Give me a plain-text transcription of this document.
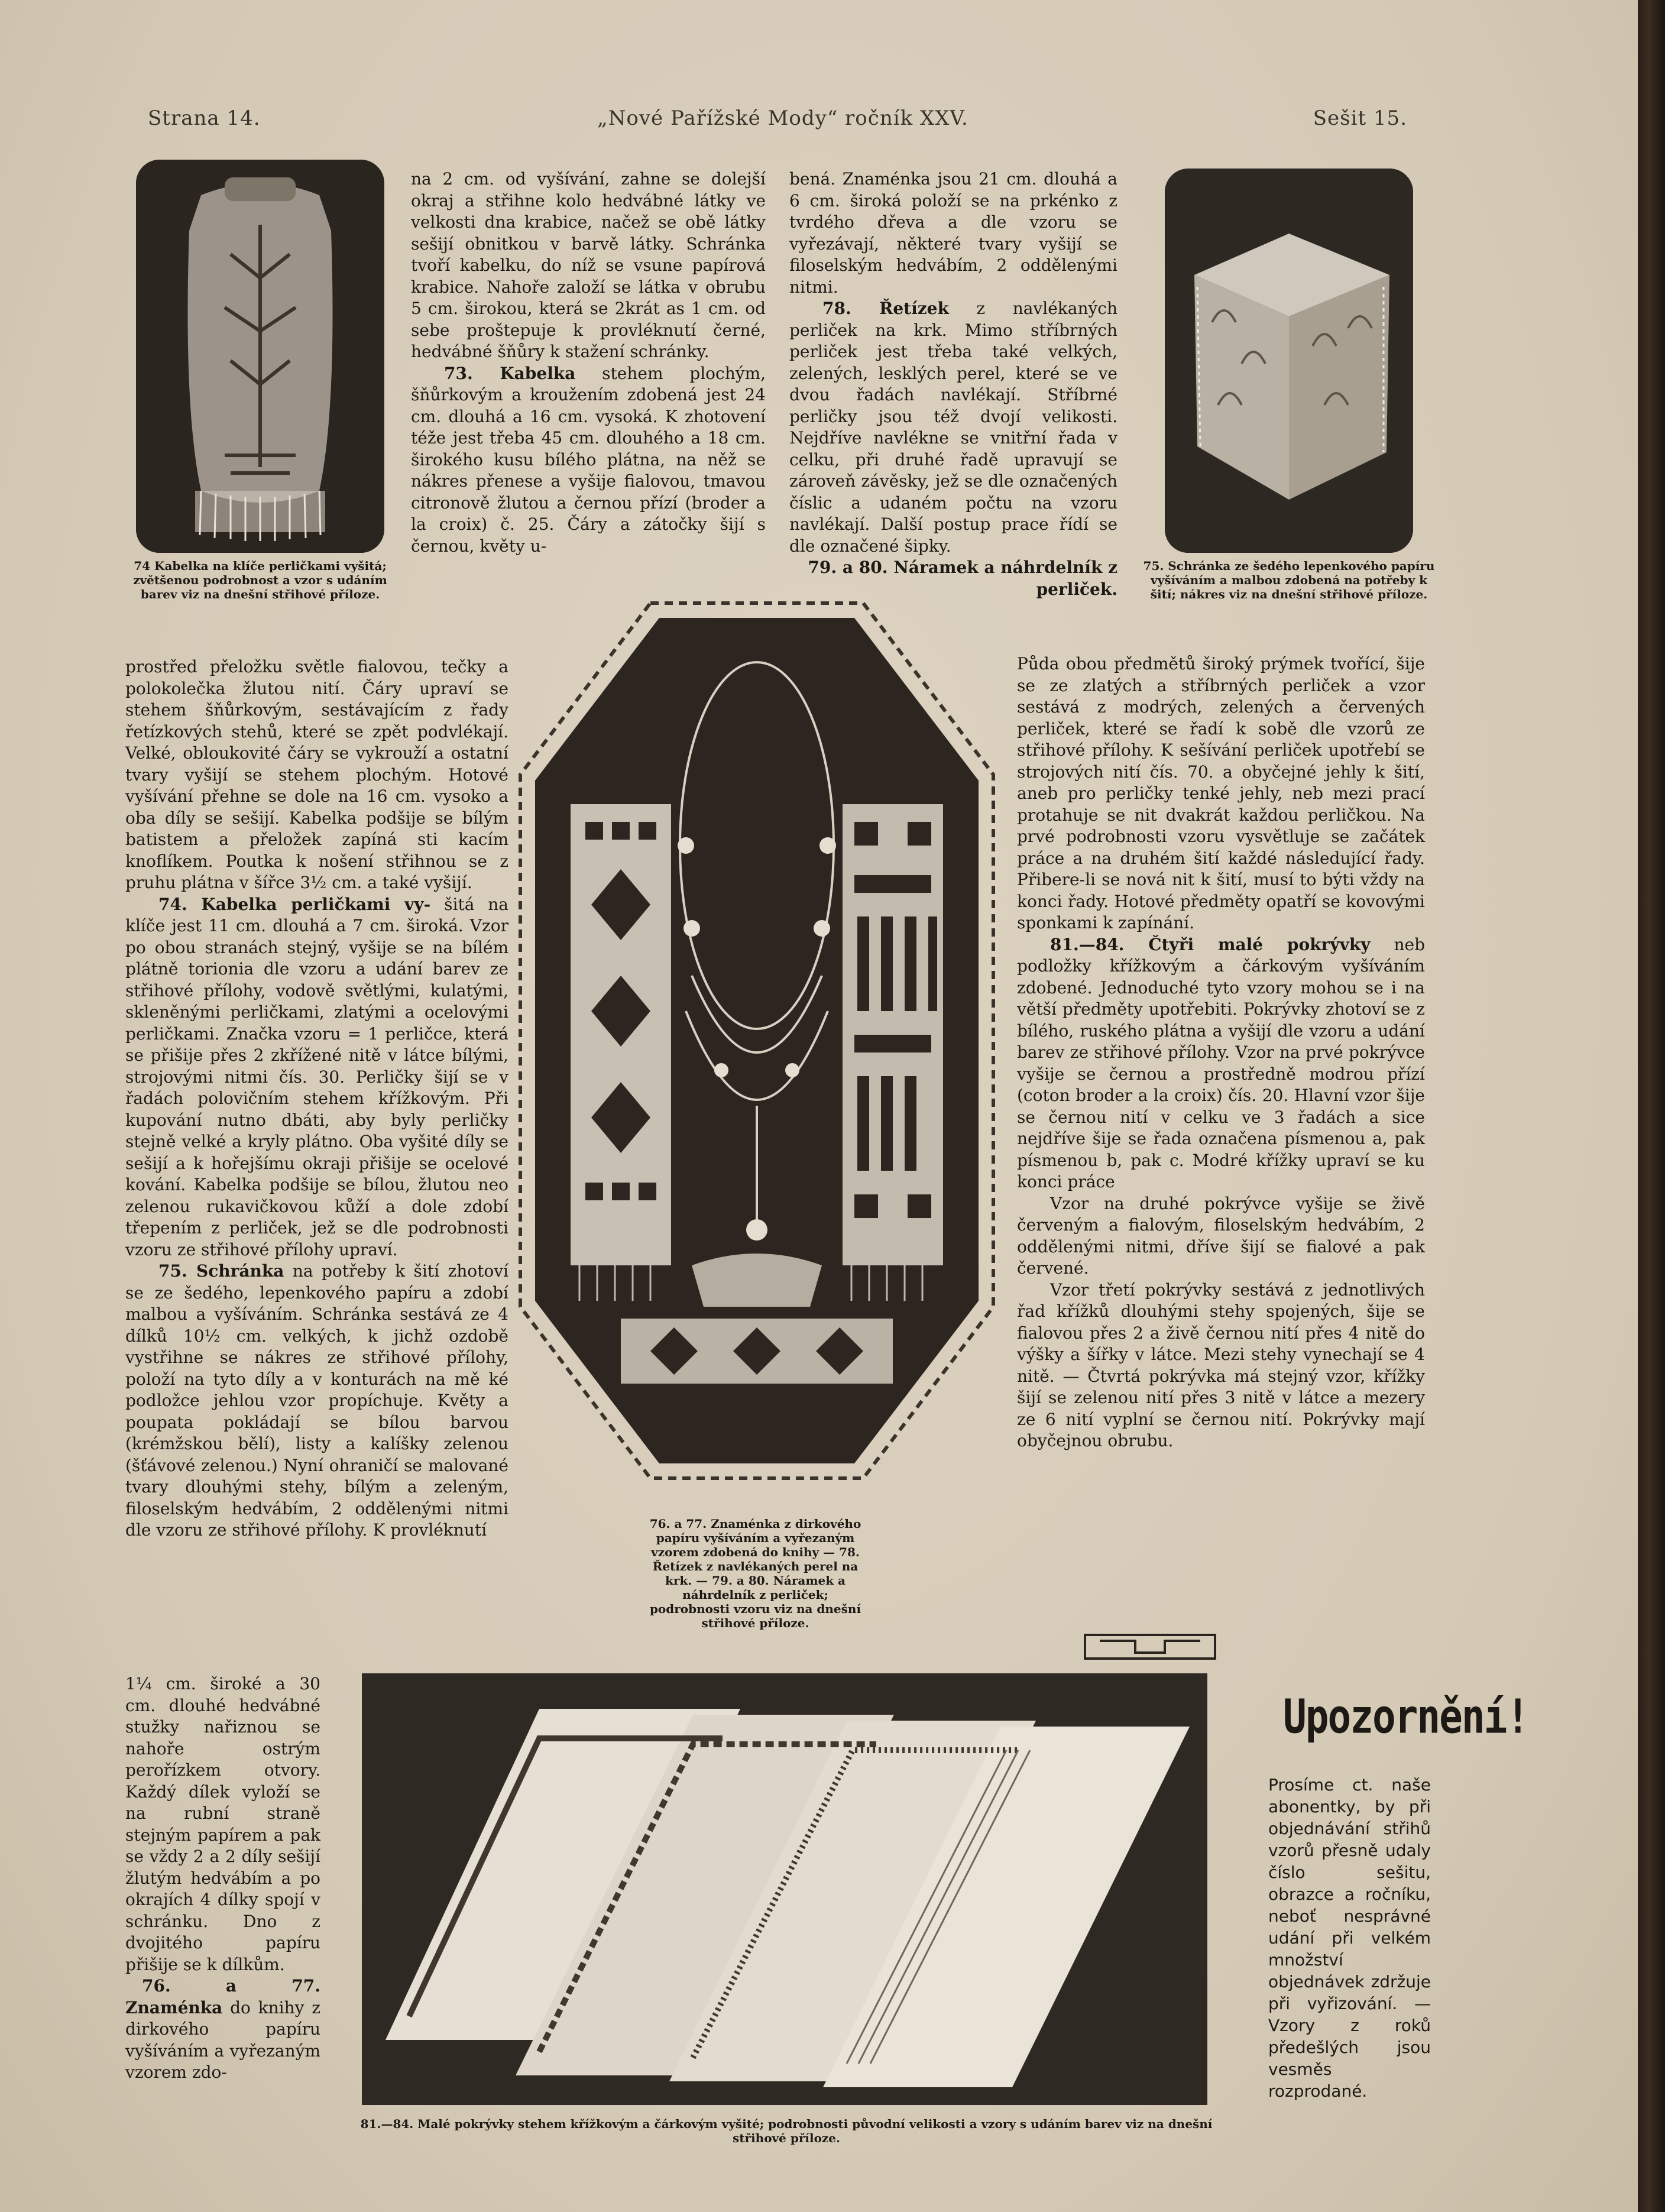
Strana 14.	„Nové Pařížské Mody“ ročník XXV.	Sešit 15.
74 Kabelka na klíče perličkami vyšitá; zvětšenou podrobnost a vzor s udáním barev viz na dnešní střihové příloze.
75. Schránka ze šedého lepenkového papíru vyšíváním a malbou zdobená na potřeby k šití; nákres viz na dnešní střihové příloze.

prostřed přeložku světle fialovou, tečky a polokolečka žlutou nití. Čáry upraví se stehem šňůrkovým, sestávajícím z řady řetízkových stehů, které se zpět podvlékají. Velké, obloukovité čáry se vykrouží a ostatní tvary vyšijí se stehem plochým. Hotové vyšívání přehne se dole na 16 cm. vysoko a oba díly se sešijí. Kabelka podšije se bílým batistem a přeložek zapíná sti kacím knoflíkem. Poutka k nošení střihnou se z pruhu plátna v šířce 3½ cm. a také vyšijí.

  74. Kabelka perličkami vy- šitá na klíče jest 11 cm. dlouhá a 7 cm. široká. Vzor po obou stranách stejný, vyšije se na bílém plátně torionia dle vzoru a udání barev ze střihové přílohy, vodově světlými, kulatými, skleněnými perličkami, zlatými a ocelovými perličkami. Značka vzoru = 1 perličce, která se přišije přes 2 zkřížené nitě v látce bílými, strojovými nitmi čís. 30. Perličky šijí se v řadách polovičním stehem křížkovým. Při kupování nutno dbáti, aby byly perličky stejně velké a kryly plátno. Oba vyšité díly se sešijí a k hořejšímu okraji přišije se ocelové kování. Kabelka podšije se bílou, žlutou neo zelenou rukavičkovou kůží a dole zdobí třepením z perliček, jež se dle podrobnosti vzoru ze střihové přílohy upraví.

  75. Schránka na potřeby k šití zhotoví se ze šedého, lepenkového papíru a zdobí malbou a vyšíváním. Schránka sestává ze 4 dílků 10½ cm. velkých, k jichž ozdobě vystřihne se nákres ze střihové přílohy, položí na tyto díly a v konturách na mě ké podložce jehlou vzor propíchuje. Květy a poupata pokládají se bílou barvou (krémžskou bělí), listy a kalíšky zelenou (šťávové zelenou.) Nyní ohraničí se malované tvary dlouhými stehy, bílým a zeleným, filoselským hedvábím, 2 oddělenými nitmi dle vzoru ze střihové přílohy. K provléknutí

1¼ cm. široké a 30 cm. dlouhé hedvábné stužky nařiznou se nahoře ostrým perořízkem otvory. Každý dílek vyloží se na rubní straně stejným papírem a pak se vždy 2 a 2 díly sešijí žlutým hedvábím a po okrajích 4 dílky spojí v schránku. Dno z dvojitého papíru přišije se k dílkům.

 76. a 77. Znaménka do knihy z dirkového papíru vyšíváním a vyřezaným vzorem zdo-

na 2 cm. od vyšívání, zahne se dolejší okraj a střihne kolo hedvábné látky ve velkosti dna krabice, načež se obě látky sešijí obnitkou v barvě látky. Schránka tvoří kabelku, do níž se vsune papírová krabice. Nahoře založí se látka v obrubu 5 cm. širokou, která se 2krát as 1 cm. od sebe proštepuje k provléknutí černé, hedvábné šňůry k stažení schránky.

  73. Kabelka stehem plochým, šňůrkovým a kroužením zdobená jest 24 cm. dlouhá a 16 cm. vysoká. K zhotovení téže jest třeba 45 cm. dlouhého a 18 cm. širokého kusu bílého plátna, na něž se nákres přenese a vyšije fialovou, tmavou citronově žlutou a černou přízí (broder a la croix) č. 25. Čáry a zátočky šijí s černou, květy u-

bená. Znaménka jsou 21 cm. dlouhá a 6 cm. široká položí se na prkénko z tvrdého dřeva a dle vzoru se vyřezávají, některé tvary vyšijí se filoselským hedvábím, 2 oddělenými nitmi.

  78. Řetízek z navlékaných perliček na krk. Mimo stříbrných perliček jest třeba také velkých, zelených, lesklých perel, které se ve dvou řadách navlékají. Stříbrné perličky jsou též dvojí velikosti. Nejdříve navlékne se vnitřní řada v celku, při druhé řadě upravují se zároveň závěsky, jež se dle označených číslic a udaném počtu na vzoru navlékají. Další postup prace řídí se dle označené šipky.

79. a 80. Náramek a náhrdelník z perliček.

Půda obou předmětů široký prýmek tvořící, šije se ze zlatých a stříbrných perliček a vzor sestává z modrých, zelených a červených perliček, které se řadí k sobě dle vzorů ze střihové přílohy. K sešívání perliček upotřebí se strojových nití čís. 70. a obyčejné jehly k šití, aneb pro perličky tenké jehly, neb mezi prací protahuje se nit dvakrát každou perličkou. Na prvé podrobnosti vzoru vysvětluje se začátek práce a na druhém šití každé následující řady. Přibere-li se nová nit k šití, musí to býti vždy na konci řady. Hotové předměty opatří se kovovými sponkami k zapínání.

  81.—84. Čtyři malé pokrývky neb podložky křížkovým a čárkovým vyšíváním zdobené. Jednoduché tyto vzory mohou se i na větší předměty upotřebiti. Pokrývky zhotoví se z bílého, ruského plátna a vyšijí dle vzoru a udání barev ze střihové přílohy. Vzor na prvé pokrývce vyšije se černou a prostředně modrou přízí (coton broder a la croix) čís. 20. Hlavní vzor šije se černou nití v celku ve 3 řadách a sice nejdříve šije se řada označena písmenou a, pak písmenou b, pak c. Modré křížky upraví se ku konci práce

  Vzor na druhé pokrývce vyšije se živě červeným a fialovým, filoselským hedvábím, 2 oddělenými nitmi, dříve šijí se fialové a pak červené.

  Vzor třetí pokrývky sestává z jednotlivých řad křížků dlouhými stehy spojených, šije se fialovou přes 2 a živě černou nití přes 4 nitě do výšky a šířky v látce. Mezi stehy vynechají se 4 nitě. — Čtvrtá pokrývka má stejný vzor, křížky šijí se zelenou nití přes 3 nitě v látce a mezery ze 6 nití vyplní se černou nití. Pokrývky mají obyčejnou obrubu.

76. a 77. Znaménka z dirkového papíru vyšíváním a vyřezaným vzorem zdobená do knihy — 78. Řetízek z navlékaných perel na krk. — 79. a 80. Náramek a náhrdelník z perliček; podrobnosti vzoru viz na dnešní střihové příloze.
81.—84. Malé pokrývky stehem křížkovým a čárkovým vyšité; podrobnosti původní velikosti a vzory s udáním barev viz na dnešní střihové příloze.
Upozornění!
Prosíme ct. naše abonentky, by při objednávání střihů vzorů přesně udaly číslo sešitu, obrazce a ročníku, neboť nesprávné udání při velkém množství objednávek zdržuje při vyřizování. — Vzory z roků předešlých jsou vesměs rozprodané.
